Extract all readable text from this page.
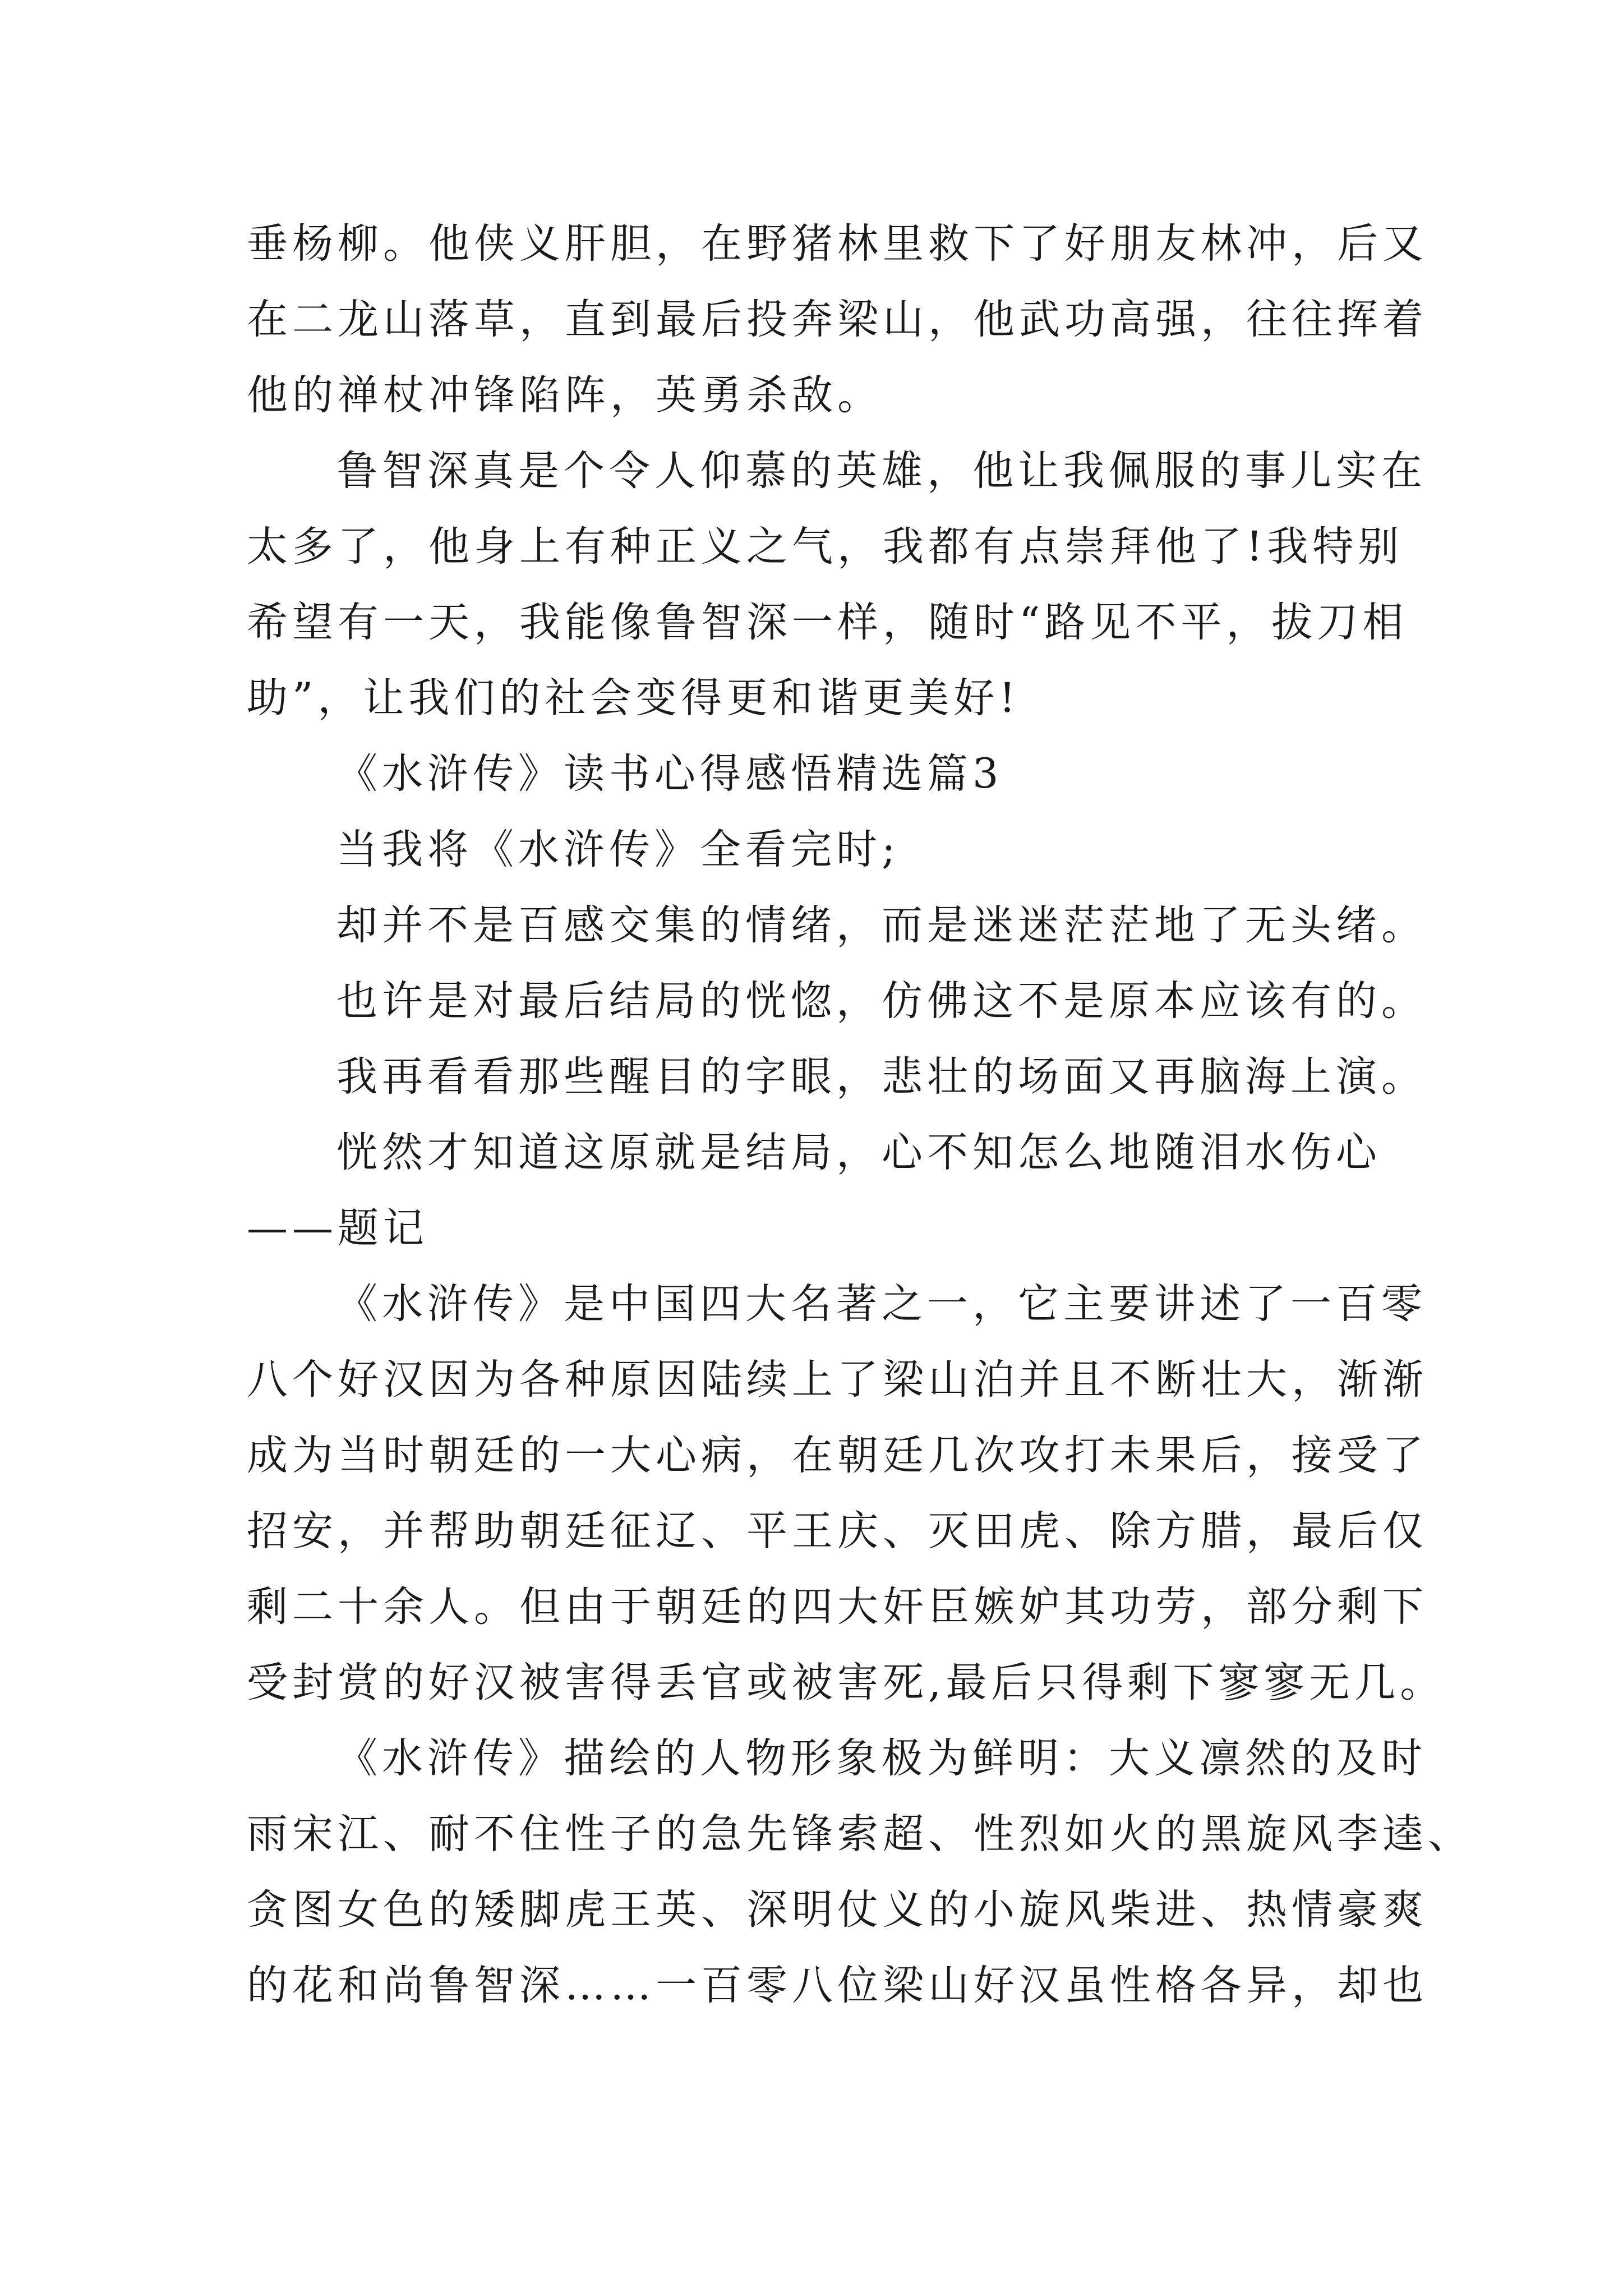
垂杨柳。他侠义肝胆，在野猪林里救下了好朋友林冲，后又
在二龙山落草，直到最后投奔梁山，他武功高强，往往挥着
他的禅杖冲锋陷阵，英勇杀敌。
鲁智深真是个令人仰慕的英雄，他让我佩服的事儿实在
太多了，他身上有种正义之气，我都有点崇拜他了!我特别
希望有一天，我能像鲁智深一样，随时“路见不平，拔刀相
助”，让我们的社会变得更和谐更美好!
《水浒传》读书心得感悟精选篇3
当我将《水浒传》全看完时;
却并不是百感交集的情绪，而是迷迷茫茫地了无头绪。
也许是对最后结局的恍惚，仿佛这不是原本应该有的。
我再看看那些醒目的字眼，悲壮的场面又再脑海上演。
恍然才知道这原就是结局，心不知怎么地随泪水伤心
——题记
《水浒传》是中国四大名著之一，它主要讲述了一百零
八个好汉因为各种原因陆续上了梁山泊并且不断壮大，渐渐
成为当时朝廷的一大心病，在朝廷几次攻打未果后，接受了
招安，并帮助朝廷征辽、平王庆、灭田虎、除方腊，最后仅
剩二十余人。但由于朝廷的四大奸臣嫉妒其功劳，部分剩下
受封赏的好汉被害得丢官或被害死,最后只得剩下寥寥无几。
《水浒传》描绘的人物形象极为鲜明：大义凛然的及时
雨宋江、耐不住性子的急先锋索超、性烈如火的黑旋风李逵、
贪图女色的矮脚虎王英、深明仗义的小旋风柴进、热情豪爽
的花和尚鲁智深……一百零八位梁山好汉虽性格各异，却也
